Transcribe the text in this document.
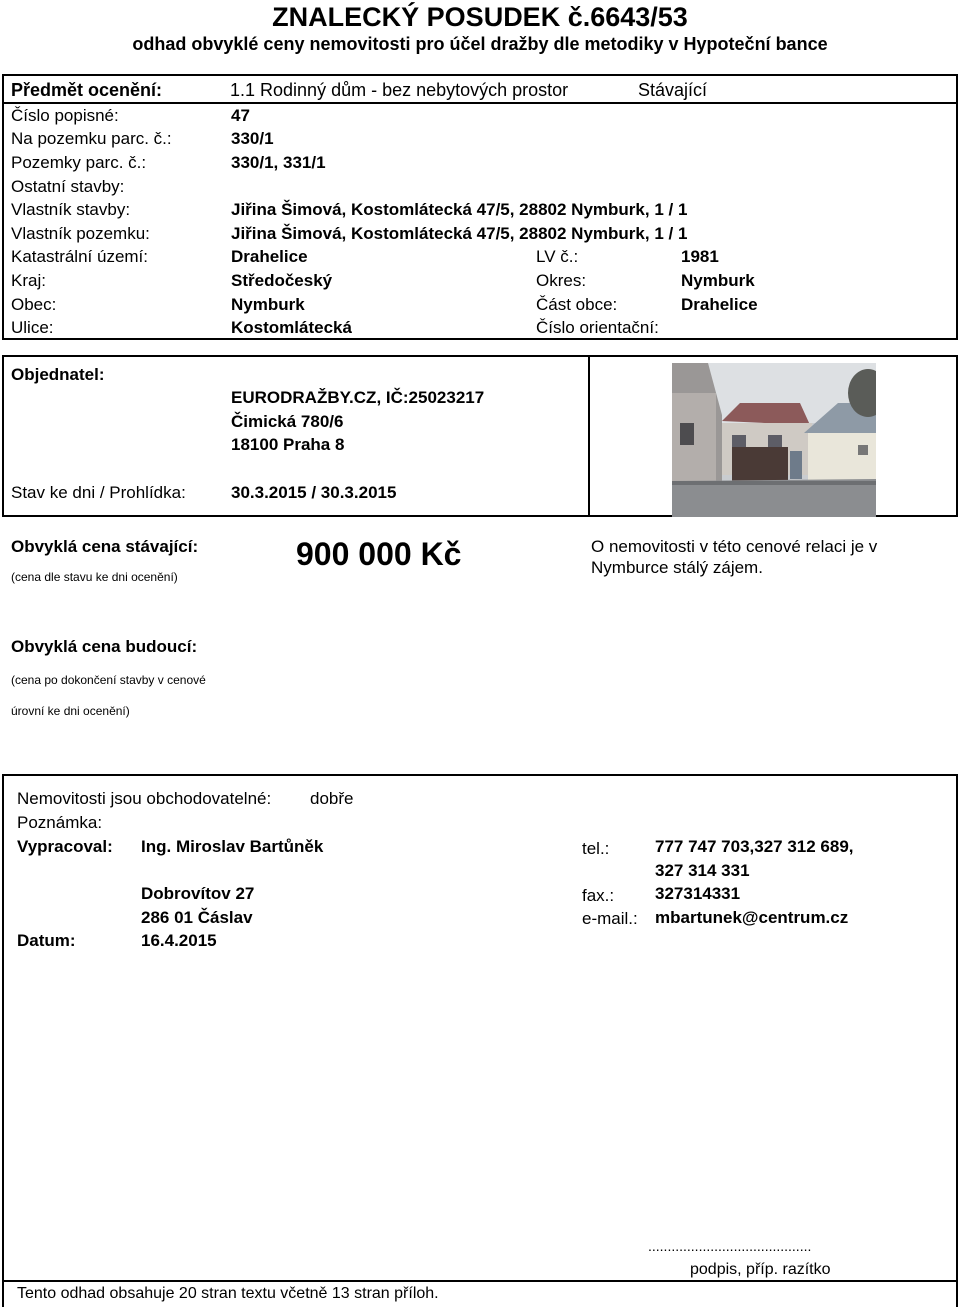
ZNALECKÝ POSUDEK č.6643/53
odhad obvyklé ceny nemovitosti pro účel dražby dle metodiky v Hypoteční bance
Předmět ocenění:	1.1 Rodinný dům - bez nebytových prostor	Stávající
Číslo popisné:	47
Na pozemku parc. č.:	330/1
Pozemky parc. č.:	330/1, 331/1
Ostatní stavby:
Vlastník stavby:	Jiřina Šimová, Kostomlátecká 47/5, 28802 Nymburk, 1 / 1
Vlastník pozemku:	Jiřina Šimová, Kostomlátecká 47/5, 28802 Nymburk, 1 / 1
Katastrální území:	Drahelice	LV č.:	1981
Kraj:	Středočeský	Okres:	Nymburk
Obec:	Nymburk	Část obce:	Drahelice
Ulice:	Kostomlátecká	Číslo orientační:
Objednatel:
EURODRAŽBY.CZ, IČ:25023217
Čimická 780/6
18100 Praha 8
Stav ke dni / Prohlídka:	30.3.2015 / 30.3.2015
Obvyklá cena stávající:
(cena dle stavu ke dni ocenění)
900 000 Kč	O nemovitosti v této cenové relaci je v
Nymburce stálý zájem.
Obvyklá cena budoucí:
(cena po dokončení stavby v cenové
úrovní ke dni ocenění)
Nemovitosti jsou obchodovatelné: dobře
Poznámka:
Vypracoval: Ing. Miroslav Bartůněk
Dobrovítov 27
286 01 Čáslav
Datum:	16.4.2015
tel.:	777 747 703,327 312 689,
327 314 331
fax.: 327314331
e-mail.: mbartunek@centrum.cz
..........................................
podpis, příp. razítko
Tento odhad obsahuje 20 stran textu včetně 13 stran příloh.
